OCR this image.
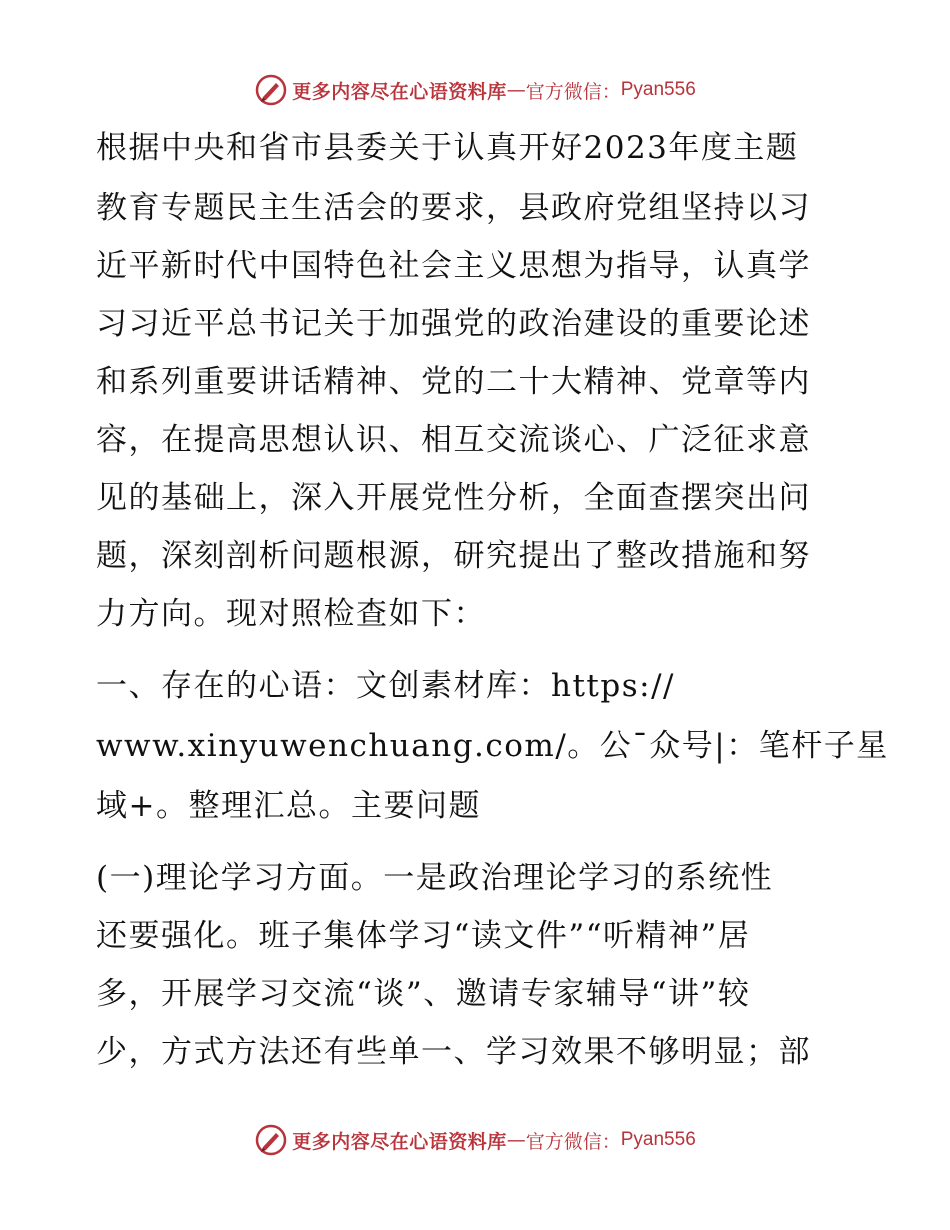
更多内容尽在心语资料库 — 官方微信： Pyan556
根据中央和省市县委关于认真开好2023年度主题
教育专题民主生活会的要求，县政府党组坚持以习
近平新时代中国特色社会主义思想为指导，认真学
习习近平总书记关于加强党的政治建设的重要论述
和系列重要讲话精神、党的二十大精神、党章等内
容，在提高思想认识、相互交流谈心、广泛征求意
见的基础上，深入开展党性分析，全面查摆突出问
题，深刻剖析问题根源，研究提出了整改措施和努
力方向。现对照检查如下：
一、存在的心语：文创素材库：https://
www.xinyuwenchuang.com/。公¯众号|：笔杆子星
域+。整理汇总。主要问题
(一)理论学习方面。一是政治理论学习的系统性
还要强化。班子集体学习“读文件”“听精神”居
多，开展学习交流“谈”、邀请专家辅导“讲”较
少，方式方法还有些单一、学习效果不够明显；部
更多内容尽在心语资料库 — 官方微信： Pyan556
